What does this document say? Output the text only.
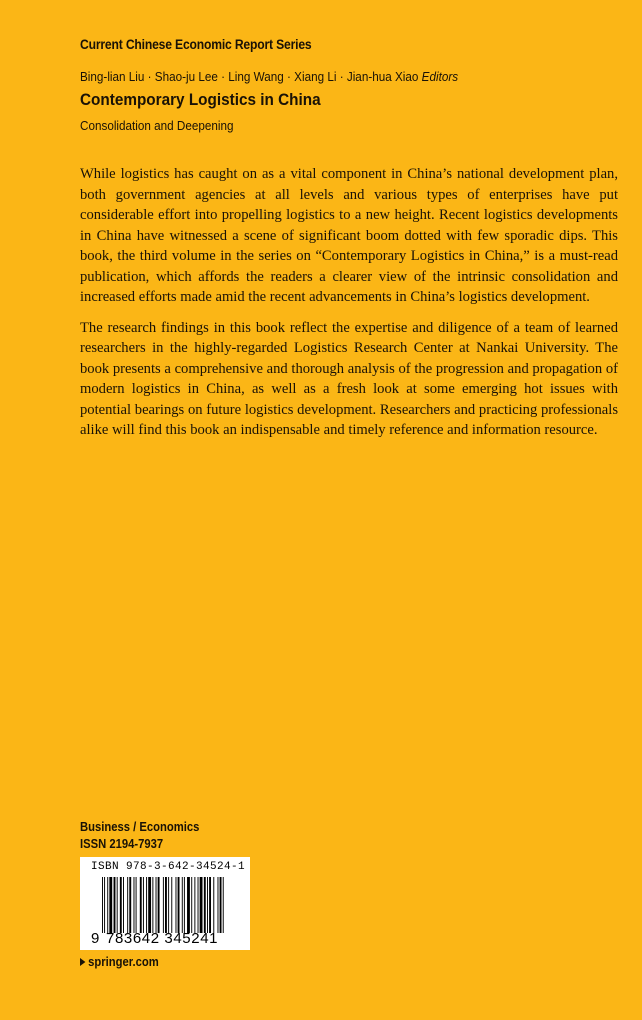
Current Chinese Economic Report Series
Bing-lian Liu · Shao-ju Lee · Ling Wang · Xiang Li · Jian-hua Xiao Editors
Contemporary Logistics in China
Consolidation and Deepening

While logistics has caught on as a vital component in China’s national development plan, both government agencies at all levels and various types of enterprises have put considerable effort into propelling logistics to a new height. Recent logistics developments in China have witnessed a scene of significant boom dotted with few sporadic dips. This book, the third volume in the series on “Contemporary Logistics in China,” is a must-read publication, which affords the readers a clearer view of the intrinsic consolidation and increased efforts made amid the recent advancements in China’s logistics development.

The research findings in this book reflect the expertise and diligence of a team of learned researchers in the highly-regarded Logistics Research Center at Nankai University. The book presents a comprehensive and thorough analysis of the progression and propagation of modern logistics in China, as well as a fresh look at some emerging hot issues with potential bearings on future logistics development. Researchers and practicing professionals alike will find this book an indispensable and timely reference and information resource.

Business / Economics
ISSN 2194-7937
ISBN 978-3-642-34524-1
9 783642 345241
springer.com
